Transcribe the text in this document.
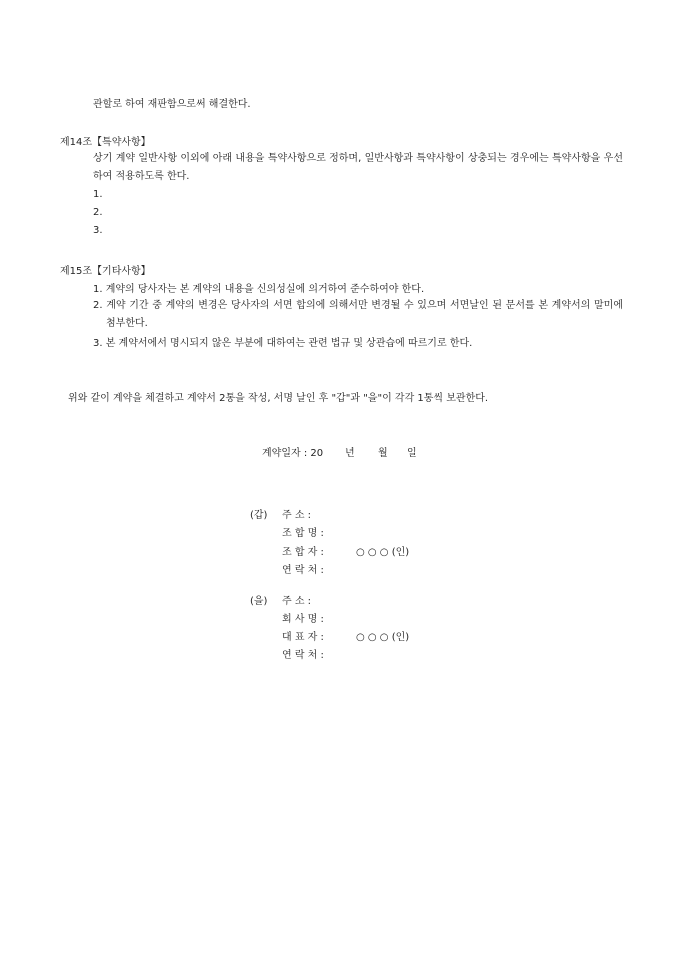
관할로 하여 재판함으로써 해결한다.
제14조【특약사항】
상기 계약 일반사항 이외에 아래 내용을 특약사항으로 정하며, 일반사항과 특약사항이 상충되는 경우에는 특약사항을 우선하여 적용하도록 한다.
1.
2.
3.
제15조【기타사항】
1. 계약의 당사자는 본 계약의 내용을 신의성실에 의거하여 준수하여야 한다.
2. 계약 기간 중 계약의 변경은 당사자의 서면 합의에 의해서만 변경될 수 있으며 서면날인 된 문서를 본 계약서의 말미에 첨부한다.
3. 본 계약서에서 명시되지 않은 부분에 대하여는 관련 법규 및 상관습에 따르기로 한다.
위와 같이 계약을 체결하고 계약서 2통을 작성, 서명 날인 후 "갑"과 "을"이 각각 1통씩 보관한다.
계약일자 : 20 년 월 일
(갑) 주 소 :
조 합 명 :
조 합 자 :	○ ○ ○ (인)
연 락 처 :
(을) 주 소 :
회 사 명 :
대 표 자 :	○ ○ ○ (인)
연 락 처 :
